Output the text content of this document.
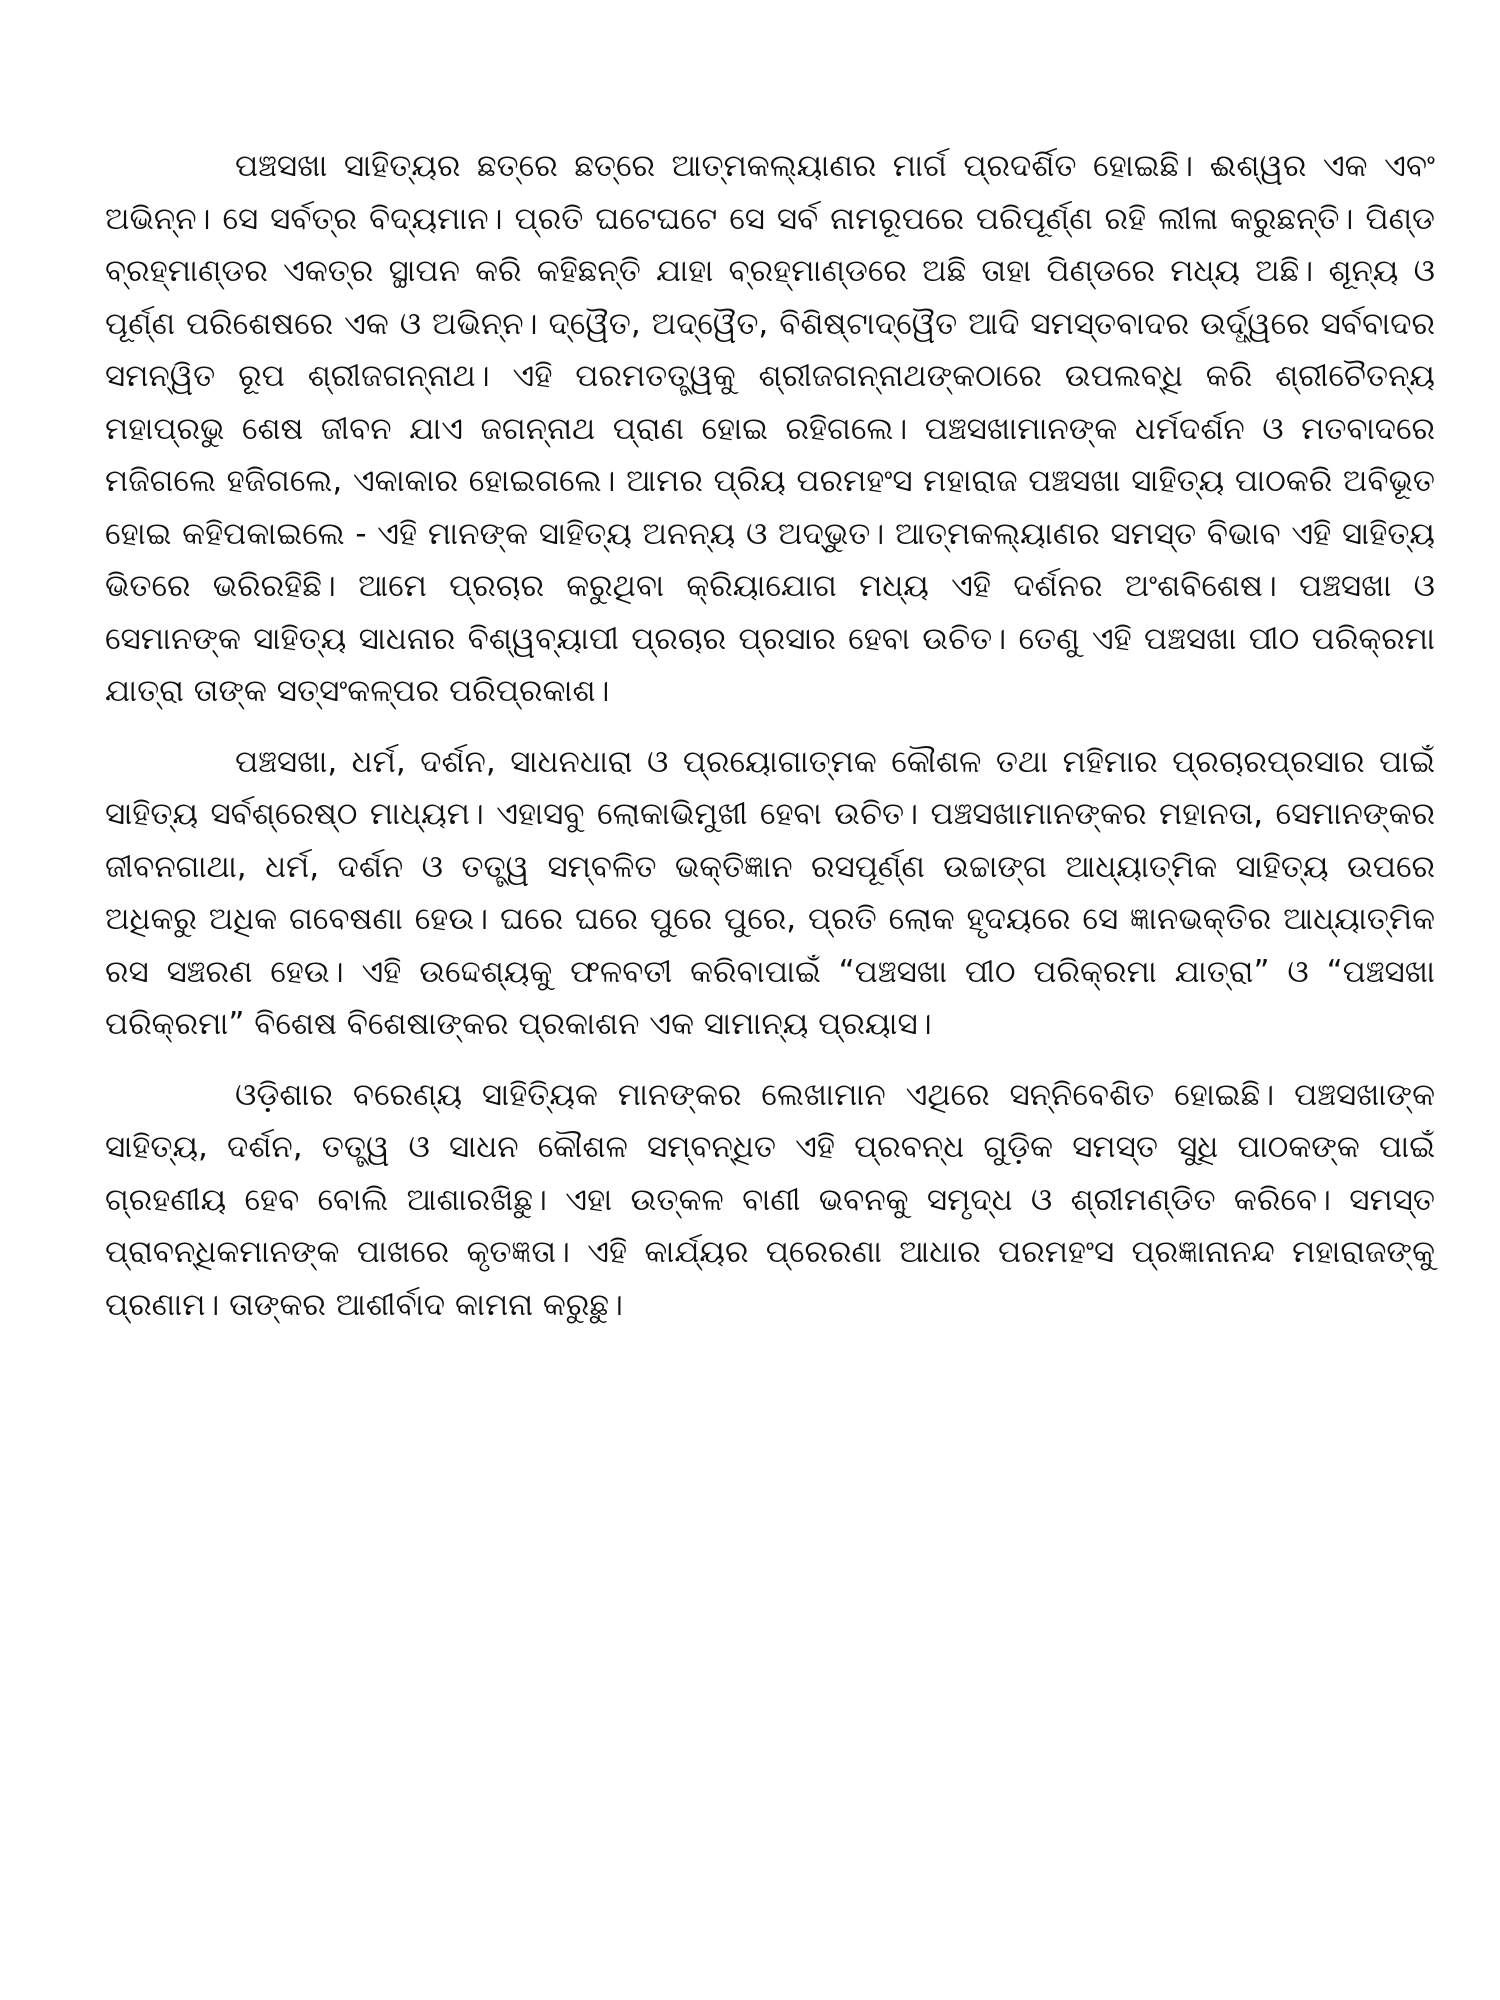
ପଞ୍ଚସଖା ସାହିତ୍ୟର ଛତ୍ରେ ଛତ୍ରେ ଆତ୍ମକଲ୍ୟାଣର ମାର୍ଗ ପ୍ରଦର୍ଶିତ ହୋଇଛି। ଈଶ୍ୱର ଏକ ଏବଂ ଅଭିନ୍ନ। ସେ ସର୍ବତ୍ର ବିଦ୍ୟମାନ। ପ୍ରତି ଘଟେଘଟେ ସେ ସର୍ବ ନାମରୂପରେ ପରିପୂର୍ଣ୍ଣ ରହି ଲୀଳା କରୁଛନ୍ତି। ପିଣ୍ଡ ବ୍ରହ୍ମାଣ୍ଡର ଏକତ୍ର ସ୍ଥାପନ କରି କହିଛନ୍ତି ଯାହା ବ୍ରହ୍ମାଣ୍ଡରେ ଅଛି ତାହା ପିଣ୍ଡରେ ମଧ୍ୟ ଅଛି। ଶୂନ୍ୟ ଓ ପୂର୍ଣ୍ଣ ପରିଶେଷରେ ଏକ ଓ ଅଭିନ୍ନ। ଦ୍ୱୈତ, ଅଦ୍ୱୈତ, ବିଶିଷ୍ଟାଦ୍ୱୈତ ଆଦି ସମସ୍ତବାଦର ଉର୍ଦ୍ଧ୍ୱରେ ସର୍ବବାଦର ସମନ୍ୱିତ ରୂପ ଶ୍ରୀଜଗନ୍ନାଥ। ଏହି ପରମତତ୍ତ୍ୱକୁ ଶ୍ରୀଜଗନ୍ନାଥଙ୍କଠାରେ ଉପଲବ୍ଧି କରି ଶ୍ରୀଚୈତନ୍ୟ ମହାପ୍ରଭୁ ଶେଷ ଜୀବନ ଯାଏ ଜଗନ୍ନାଥ ପ୍ରାଣ ହୋଇ ରହିଗଲେ। ପଞ୍ଚସଖାମାନଙ୍କ ଧର୍ମଦର୍ଶନ ଓ ମତବାଦରେ ମଜିଗଲେ ହଜିଗଲେ, ଏକାକାର ହୋଇଗଲେ। ଆମର ପ୍ରିୟ ପରମହଂସ ମହାରାଜ ପଞ୍ଚସଖା ସାହିତ୍ୟ ପାଠକରି ଅବିଭୂତ ହୋଇ କହିପକାଇଲେ - ଏହି ମାନଙ୍କ ସାହିତ୍ୟ ଅନନ୍ୟ ଓ ଅଦ୍ଭୁତ। ଆତ୍ମକଲ୍ୟାଣର ସମସ୍ତ ବିଭାବ ଏହି ସାହିତ୍ୟ ଭିତରେ ଭରିରହିଛି। ଆମେ ପ୍ରଚାର କରୁଥିବା କ୍ରିୟାଯୋଗ ମଧ୍ୟ ଏହି ଦର୍ଶନର ଅଂଶବିଶେଷ। ପଞ୍ଚସଖା ଓ ସେମାନଙ୍କ ସାହିତ୍ୟ ସାଧନାର ବିଶ୍ୱବ୍ୟାପୀ ପ୍ରଚାର ପ୍ରସାର ହେବା ଉଚିତ। ତେଣୁ ଏହି ପଞ୍ଚସଖା ପୀଠ ପରିକ୍ରମା ଯାତ୍ରା ତାଙ୍କ ସତ୍‌ସଂକଳ୍ପର ପରିପ୍ରକାଶ।

ପଞ୍ଚସଖା, ଧର୍ମ, ଦର୍ଶନ, ସାଧନଧାରା ଓ ପ୍ରୟୋଗାତ୍ମକ କୌଶଳ ତଥା ମହିମାର ପ୍ରଚାରପ୍ରସାର ପାଇଁ ସାହିତ୍ୟ ସର୍ବଶ୍ରେଷ୍ଠ ମାଧ୍ୟମ। ଏହାସବୁ ଲୋକାଭିମୁଖୀ ହେବା ଉଚିତ। ପଞ୍ଚସଖାମାନଙ୍କର ମହାନତା, ସେମାନଙ୍କର ଜୀବନଗାଥା, ଧର୍ମ, ଦର୍ଶନ ଓ ତତ୍ତ୍ୱ ସମ୍ବଳିତ ଭକ୍ତିଜ୍ଞାନ ରସପୂର୍ଣ୍ଣ ଉଚ୍ଚାଙ୍ଗ ଆଧ୍ୟାତ୍ମିକ ସାହିତ୍ୟ ଉପରେ ଅଧିକରୁ ଅଧିକ ଗବେଷଣା ହେଉ। ଘରେ ଘରେ ପୁରେ ପୁରେ, ପ୍ରତି ଲୋକ ହୃଦୟରେ ସେ ଜ୍ଞାନଭକ୍ତିର ଆଧ୍ୟାତ୍ମିକ ରସ ସଞ୍ଚରଣ ହେଉ। ଏହି ଉଦ୍ଦେଶ୍ୟକୁ ଫଳବତୀ କରିବାପାଇଁ “ପଞ୍ଚସଖା ପୀଠ ପରିକ୍ରମା ଯାତ୍ରା” ଓ “ପଞ୍ଚସଖା ପରିକ୍ରମା” ବିଶେଷ ବିଶେଷାଙ୍କର ପ୍ରକାଶନ ଏକ ସାମାନ୍ୟ ପ୍ରୟାସ।

ଓଡ଼ିଶାର ବରେଣ୍ୟ ସାହିତ୍ୟିକ ମାନଙ୍କର ଲେଖାମାନ ଏଥିରେ ସନ୍ନିବେଶିତ ହୋଇଛି। ପଞ୍ଚସଖାଙ୍କ ସାହିତ୍ୟ, ଦର୍ଶନ, ତତ୍ତ୍ୱ ଓ ସାଧନ କୌଶଳ ସମ୍ବନ୍ଧିତ ଏହି ପ୍ରବନ୍ଧ ଗୁଡ଼ିକ ସମସ୍ତ ସୁଧି ପାଠକଙ୍କ ପାଇଁ ଗ୍ରହଣୀୟ ହେବ ବୋଲି ଆଶାରଖିଛୁ। ଏହା ଉତ୍କଳ ବାଣୀ ଭବନକୁ ସମୃଦ୍ଧ ଓ ଶ୍ରୀମଣ୍ଡିତ କରିବେ। ସମସ୍ତ ପ୍ରାବନ୍ଧିକମାନଙ୍କ ପାଖରେ କୃତଜ୍ଞତା। ଏହି କାର୍ଯ୍ୟର ପ୍ରେରଣା ଆଧାର ପରମହଂସ ପ୍ରଜ୍ଞାନାନନ୍ଦ ମହାରାଜଙ୍କୁ ପ୍ରଣାମ। ତାଙ୍କର ଆଶୀର୍ବାଦ କାମନା କରୁଛୁ।
